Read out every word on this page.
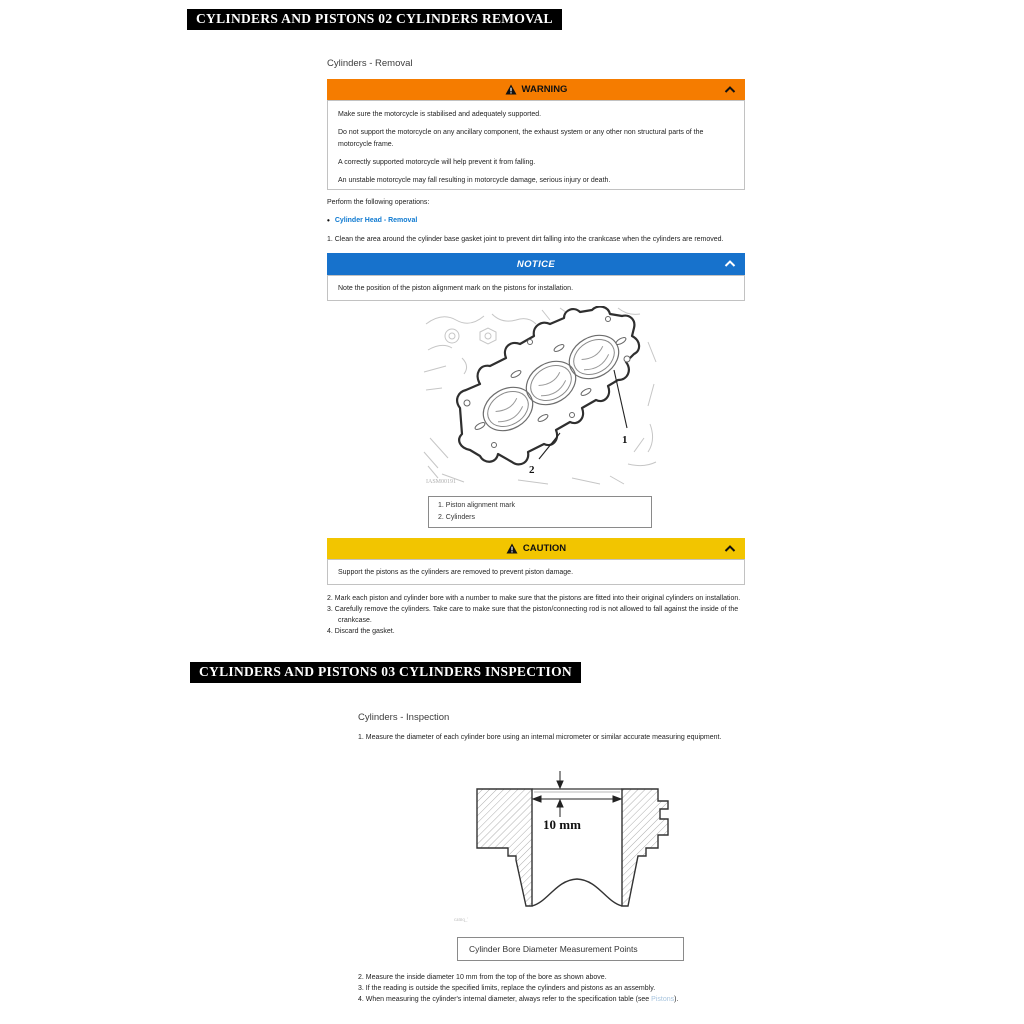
CYLINDERS AND PISTONS 02 CYLINDERS REMOVAL
Cylinders - Removal
WARNING

Make sure the motorcycle is stabilised and adequately supported.

Do not support the motorcycle on any ancillary component, the exhaust system or any other non structural parts of the motorcycle frame.

A correctly supported motorcycle will help prevent it from falling.

An unstable motorcycle may fall resulting in motorcycle damage, serious injury or death.

Perform the following operations:
• Cylinder Head - Removal
1. Clean the area around the cylinder base gasket joint to prevent dirt falling into the crankcase when the cylinders are removed.
NOTICE
Note the position of the piston alignment mark on the pistons for installation.
1
2
IASM00191
1. Piston alignment mark
2. Cylinders
CAUTION
Support the pistons as the cylinders are removed to prevent piston damage.
2. Mark each piston and cylinder bore with a number to make sure that the pistons are fitted into their original cylinders on installation.
3. Carefully remove the cylinders. Take care to make sure that the piston/connecting rod is not allowed to fall against the inside of the crankcase.
4. Discard the gasket.
CYLINDERS AND PISTONS 03 CYLINDERS INSPECTION
Cylinders - Inspection
1. Measure the diameter of each cylinder bore using an internal micrometer or similar accurate measuring equipment.
10 mm
camq_'
Cylinder Bore Diameter Measurement Points
2. Measure the inside diameter 10 mm from the top of the bore as shown above.
3. If the reading is outside the specified limits, replace the cylinders and pistons as an assembly.
4. When measuring the cylinder's internal diameter, always refer to the specification table (see Pistons).
